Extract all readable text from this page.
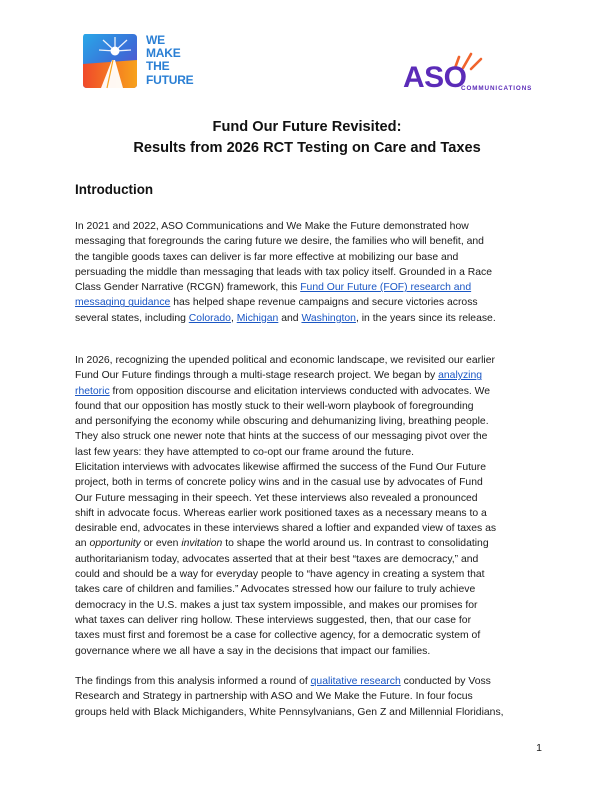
WE
MAKE
THE
FUTURE	ASO
COMMUNICATIONS
Fund Our Future Revisited:
Results from 2026 RCT Testing on Care and Taxes
Introduction
In 2021 and 2022, ASO Communications and We Make the Future demonstrated how
messaging that foregrounds the caring future we desire, the families who will benefit, and
the tangible goods taxes can deliver is far more effective at mobilizing our base and
persuading the middle than messaging that leads with tax policy itself. Grounded in a Race
Class Gender Narrative (RCGN) framework, this Fund Our Future (FOF) research and
messaging guidance has helped shape revenue campaigns and secure victories across
several states, including Colorado, Michigan and Washington, in the years since its release.
In 2026, recognizing the upended political and economic landscape, we revisited our earlier
Fund Our Future findings through a multi-stage research project. We began by analyzing
rhetoric from opposition discourse and elicitation interviews conducted with advocates. We
found that our opposition has mostly stuck to their well-worn playbook of foregrounding
and personifying the economy while obscuring and dehumanizing living, breathing people.
They also struck one newer note that hints at the success of our messaging pivot over the
last few years: they have attempted to co-opt our frame around the future.
Elicitation interviews with advocates likewise affirmed the success of the Fund Our Future
project, both in terms of concrete policy wins and in the casual use by advocates of Fund
Our Future messaging in their speech. Yet these interviews also revealed a pronounced
shift in advocate focus. Whereas earlier work positioned taxes as a necessary means to a
desirable end, advocates in these interviews shared a loftier and expanded view of taxes as
an opportunity or even invitation to shape the world around us. In contrast to consolidating
authoritarianism today, advocates asserted that at their best “taxes are democracy,” and
could and should be a way for everyday people to “have agency in creating a system that
takes care of children and families.” Advocates stressed how our failure to truly achieve
democracy in the U.S. makes a just tax system impossible, and makes our promises for
what taxes can deliver ring hollow. These interviews suggested, then, that our case for
taxes must first and foremost be a case for collective agency, for a democratic system of
governance where we all have a say in the decisions that impact our families.
The findings from this analysis informed a round of qualitative research conducted by Voss
Research and Strategy in partnership with ASO and We Make the Future. In four focus
groups held with Black Michiganders, White Pennsylvanians, Gen Z and Millennial Floridians,
1
